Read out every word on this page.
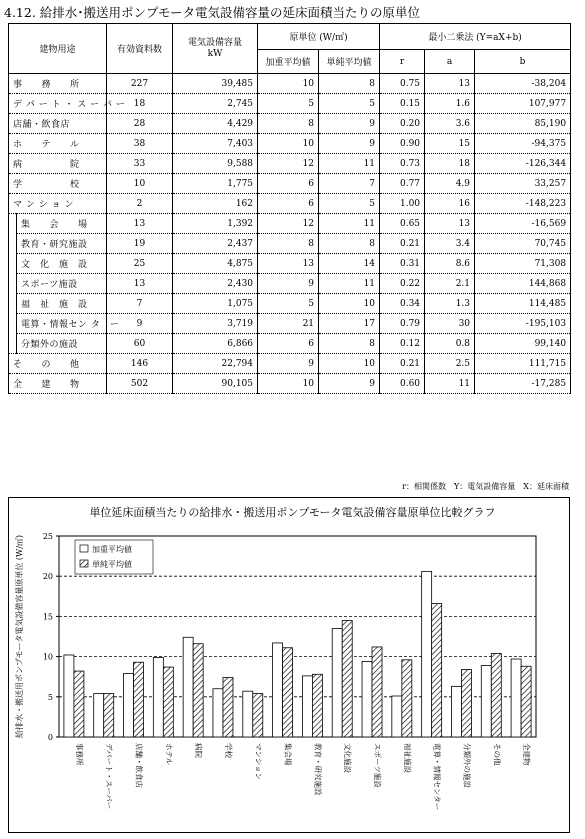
4.12. 給排水･搬送用ポンプモータ電気設備容量の延床面積当たりの原単位
建物用途		有効資料数	電気設備容量
kW	原単位 (W/㎡)		最小二乗法 (Y=aX+b)		
				加重平均値	単純平均値	r	a	b
事　　務　　所		227	39,485	10	8	0.75	13	-38,204
デ パ ー ト ・ ス ー パ ー		18	2,745	5	5	0.15	1.6	107,977
店舗・飲食店		28	4,429	8	9	0.20	3.6	85,190
ホ　　テ　　ル		38	7,403	10	9	0.90	15	-94,375
病　　　　　院		33	9,588	12	11	0.73	18	-126,344
学　　　　　校		10	1,775	6	7	0.77	4.9	33,257
マ ン シ ョ ン		2	162	6	5	1.00	16	-148,223
	集　　会　　場	13	1,392	12	11	0.65	13	-16,569
	教育・研究施設	19	2,437	8	8	0.21	3.4	70,745
	文　化　施　設	25	4,875	13	14	0.31	8.6	71,308
	スポーツ施設	13	2,430	9	11	0.22	2.1	144,868
	福　祉　施　設	7	1,075	5	10	0.34	1.3	114,485
	電算・情報セン タ　ー	9	3,719	21	17	0.79	30	-195,103
	分類外の施設	60	6,866	6	8	0.12	0.8	99,140
そ　　の　　他		146	22,794	9	10	0.21	2.5	111,715
全　　建　　物		502	90,105	10	9	0.60	11	-17,285
r：相関係数　Y：電気設備容量　X：延床面積
単位延床面積当たりの給排水・搬送用ポンプモータ電気設備容量原単位比較グラフ
0
5
10
15
20
25
給排水・搬送用ポンプモータ電気設備容量原単位 (W/㎡)
事務所	デパート・スーパー	店舗・飲食店	ホテル	病院	学校	マンション	集会場	教育・研究施設	文化施設	スポーツ施設	福祉施設	電算・情報センター	分類外の施設	その他	全建物
加重平均値
単純平均値
